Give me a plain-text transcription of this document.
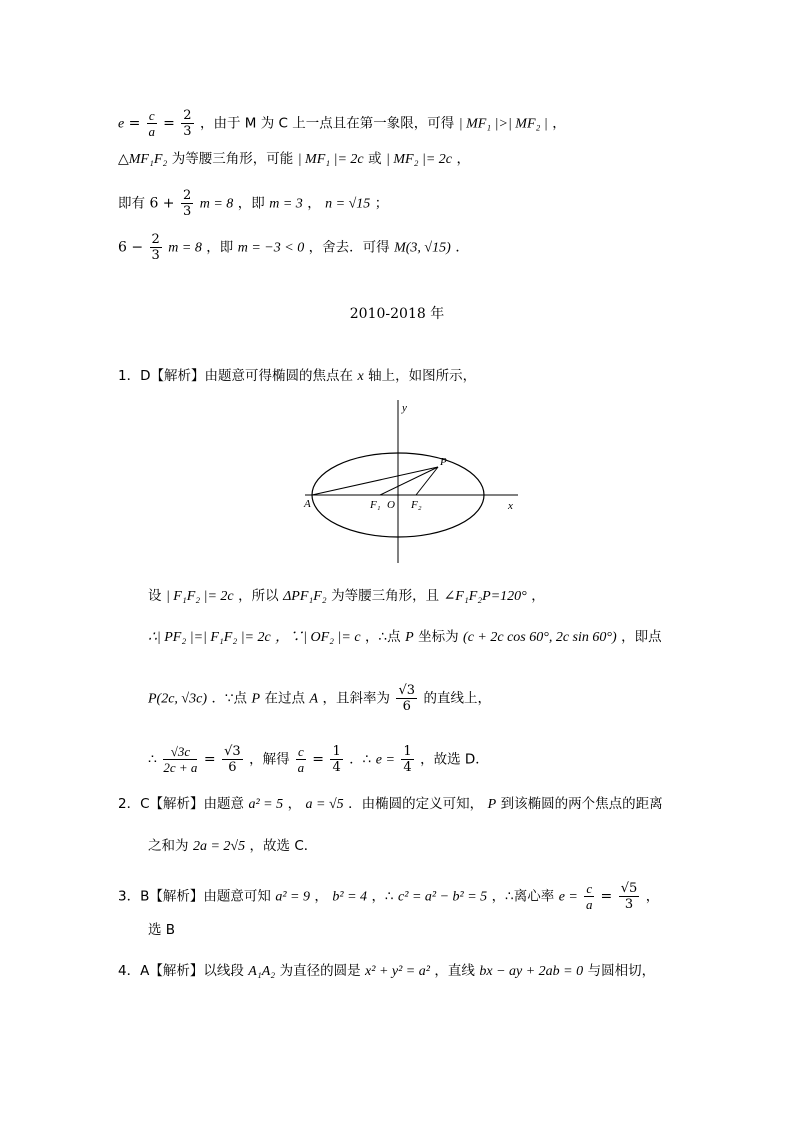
$e = \frac{c}{a} = \frac{2}{3}$ ，由于 M 为 C 上一点且在第一象限，可得 | MF₁ |>| MF₂ | ，
△MF₁F₂ 为等腰三角形，可能 | MF₁ |= 2c 或 | MF₂ |= 2c ，
即有 $6 + \frac{2}{3}$ m = 8 ，即 m = 3 ， n = √15 ；
$6 - \frac{2}{3}$ m = 8 ，即 m = −3 < 0 ，舍去．可得 M(3, √15) .
2010-2018 年
1．D【解析】由题意可得椭圆的焦点在 x 轴上，如图所示，
y
x
P
A	F₁ O F₂
设 | F₁F₂ |= 2c ，所以 ΔPF₁F₂ 为等腰三角形，且 ∠F₁F₂P=120° ，
∴| PF₂ |=| F₁F₂ |= 2c ，∵| OF₂ |= c ，∴点 P 坐标为 (c + 2c cos 60°, 2c sin 60°) ，即点
P(2c, √3c) ．∵点 P 在过点 A ，且斜率为 $\frac{√3}{6}$ 的直线上，
∴ $\frac{√3c}{2c + a} = \frac{√3}{6}$ ，解得 $\frac{c}{a} = \frac{1}{4}$ ．∴ $e = \frac{1}{4}$ ，故选 D．
2．C【解析】由题意 a² = 5 ， a = √5 ．由椭圆的定义可知， P 到该椭圆的两个焦点的距离
之和为 2a = 2√5 ，故选 C．
3．B【解析】由题意可知 a² = 9 ， b² = 4 ，∴ c² = a² − b² = 5 ，∴离心率 $e = \frac{c}{a} = \frac{√5}{3}$ ，
选 B
4．A【解析】以线段 A₁A₂ 为直径的圆是 x² + y² = a² ，直线 bx − ay + 2ab = 0 与圆相切，
